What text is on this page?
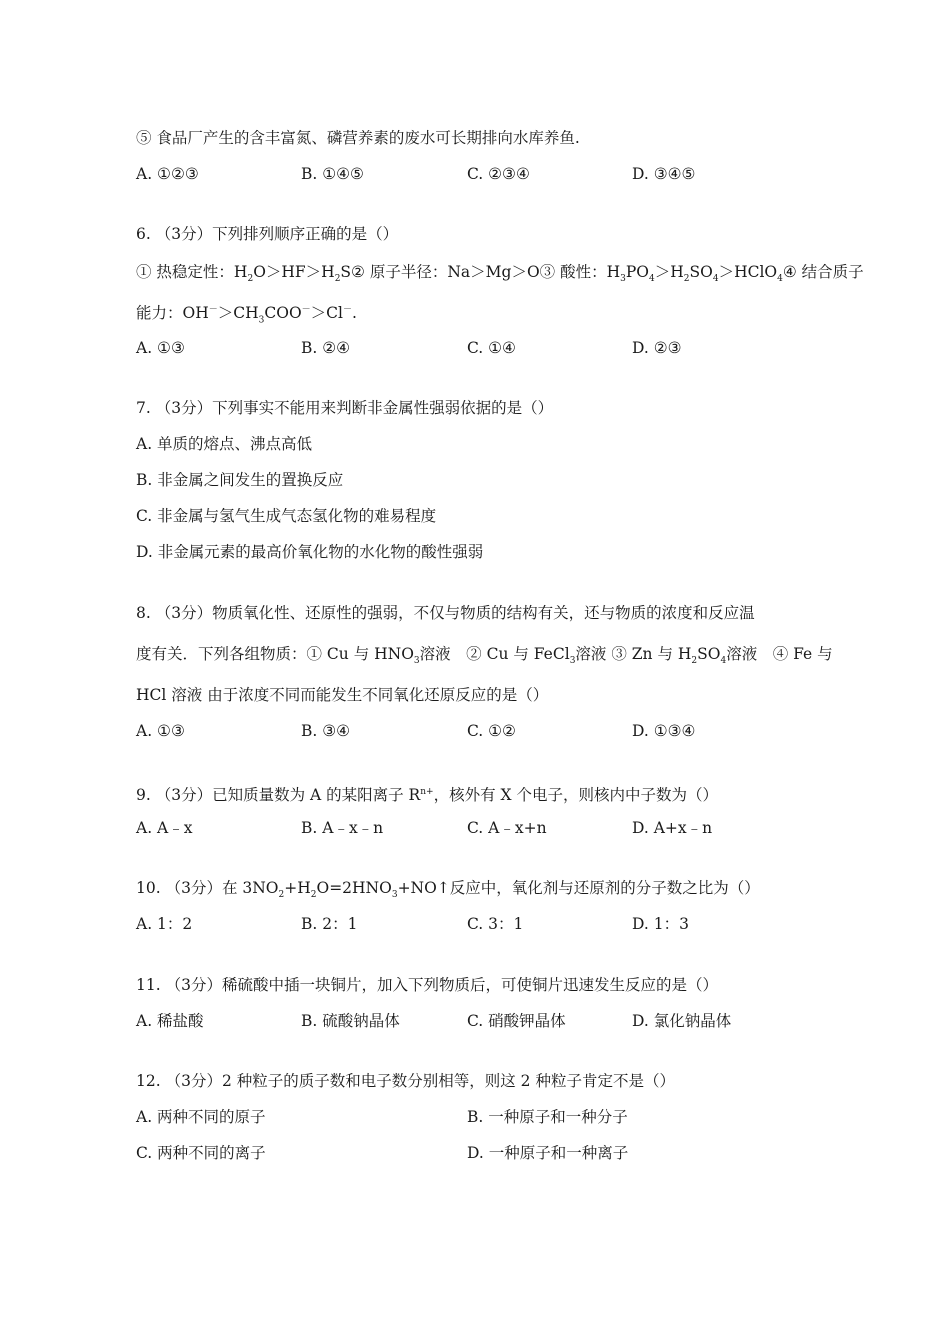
⑤ 食品厂产生的含丰富氮、磷营养素的废水可长期排向水库养鱼.
A. ①②③	B. ①④⑤	C. ②③④	D. ③④⑤
6. （3分）下列排列顺序正确的是（）
① 热稳定性：$H_2O>HF>H_2S②$ 原子半径：Na＞Mg＞O③ 酸性：$H_3PO_4>H_2SO_4>HClO_4④$ 结合质子
能力：$OH^->CH_3COO^->Cl^-$.
A. ①③	B. ②④	C. ①④	D. ②③
7. （3分）下列事实不能用来判断非金属性强弱依据的是（）
A. 单质的熔点、沸点高低
B. 非金属之间发生的置换反应
C. 非金属与氢气生成气态氢化物的难易程度
D. 非金属元素的最高价氧化物的水化物的酸性强弱
8. （3分）物质氧化性、还原性的强弱，不仅与物质的结构有关，还与物质的浓度和反应温
度有关．下列各组物质：① Cu 与 $HNO_3$溶液　② Cu 与 FeCl$_3$溶液 ③ Zn 与 $H_2SO_4$溶液　④ Fe 与
HCl 溶液 由于浓度不同而能发生不同氧化还原反应的是（）
A. ①③	B. ③④	C. ①②	D. ①③④
9. （3分）已知质量数为 A 的某阳离子 $R^{n+}$，核外有 X 个电子，则核内中子数为（）
A. A﹣x	B. A﹣x﹣n	C. A﹣x+n	D. A+x﹣n
10. （3分）在 $3NO_2+H_2O=2HNO_3+NO↑$反应中，氧化剂与还原剂的分子数之比为（）
A. 1：2	B. 2：1	C. 3：1	D. 1：3
11. （3分）稀硫酸中插一块铜片，加入下列物质后，可使铜片迅速发生反应的是（）
A. 稀盐酸	B. 硫酸钠晶体	C. 硝酸钾晶体	D. 氯化钠晶体
12. （3分）2 种粒子的质子数和电子数分别相等，则这 2 种粒子肯定不是（）
A. 两种不同的原子	B. 一种原子和一种分子
C. 两种不同的离子	D. 一种原子和一种离子
